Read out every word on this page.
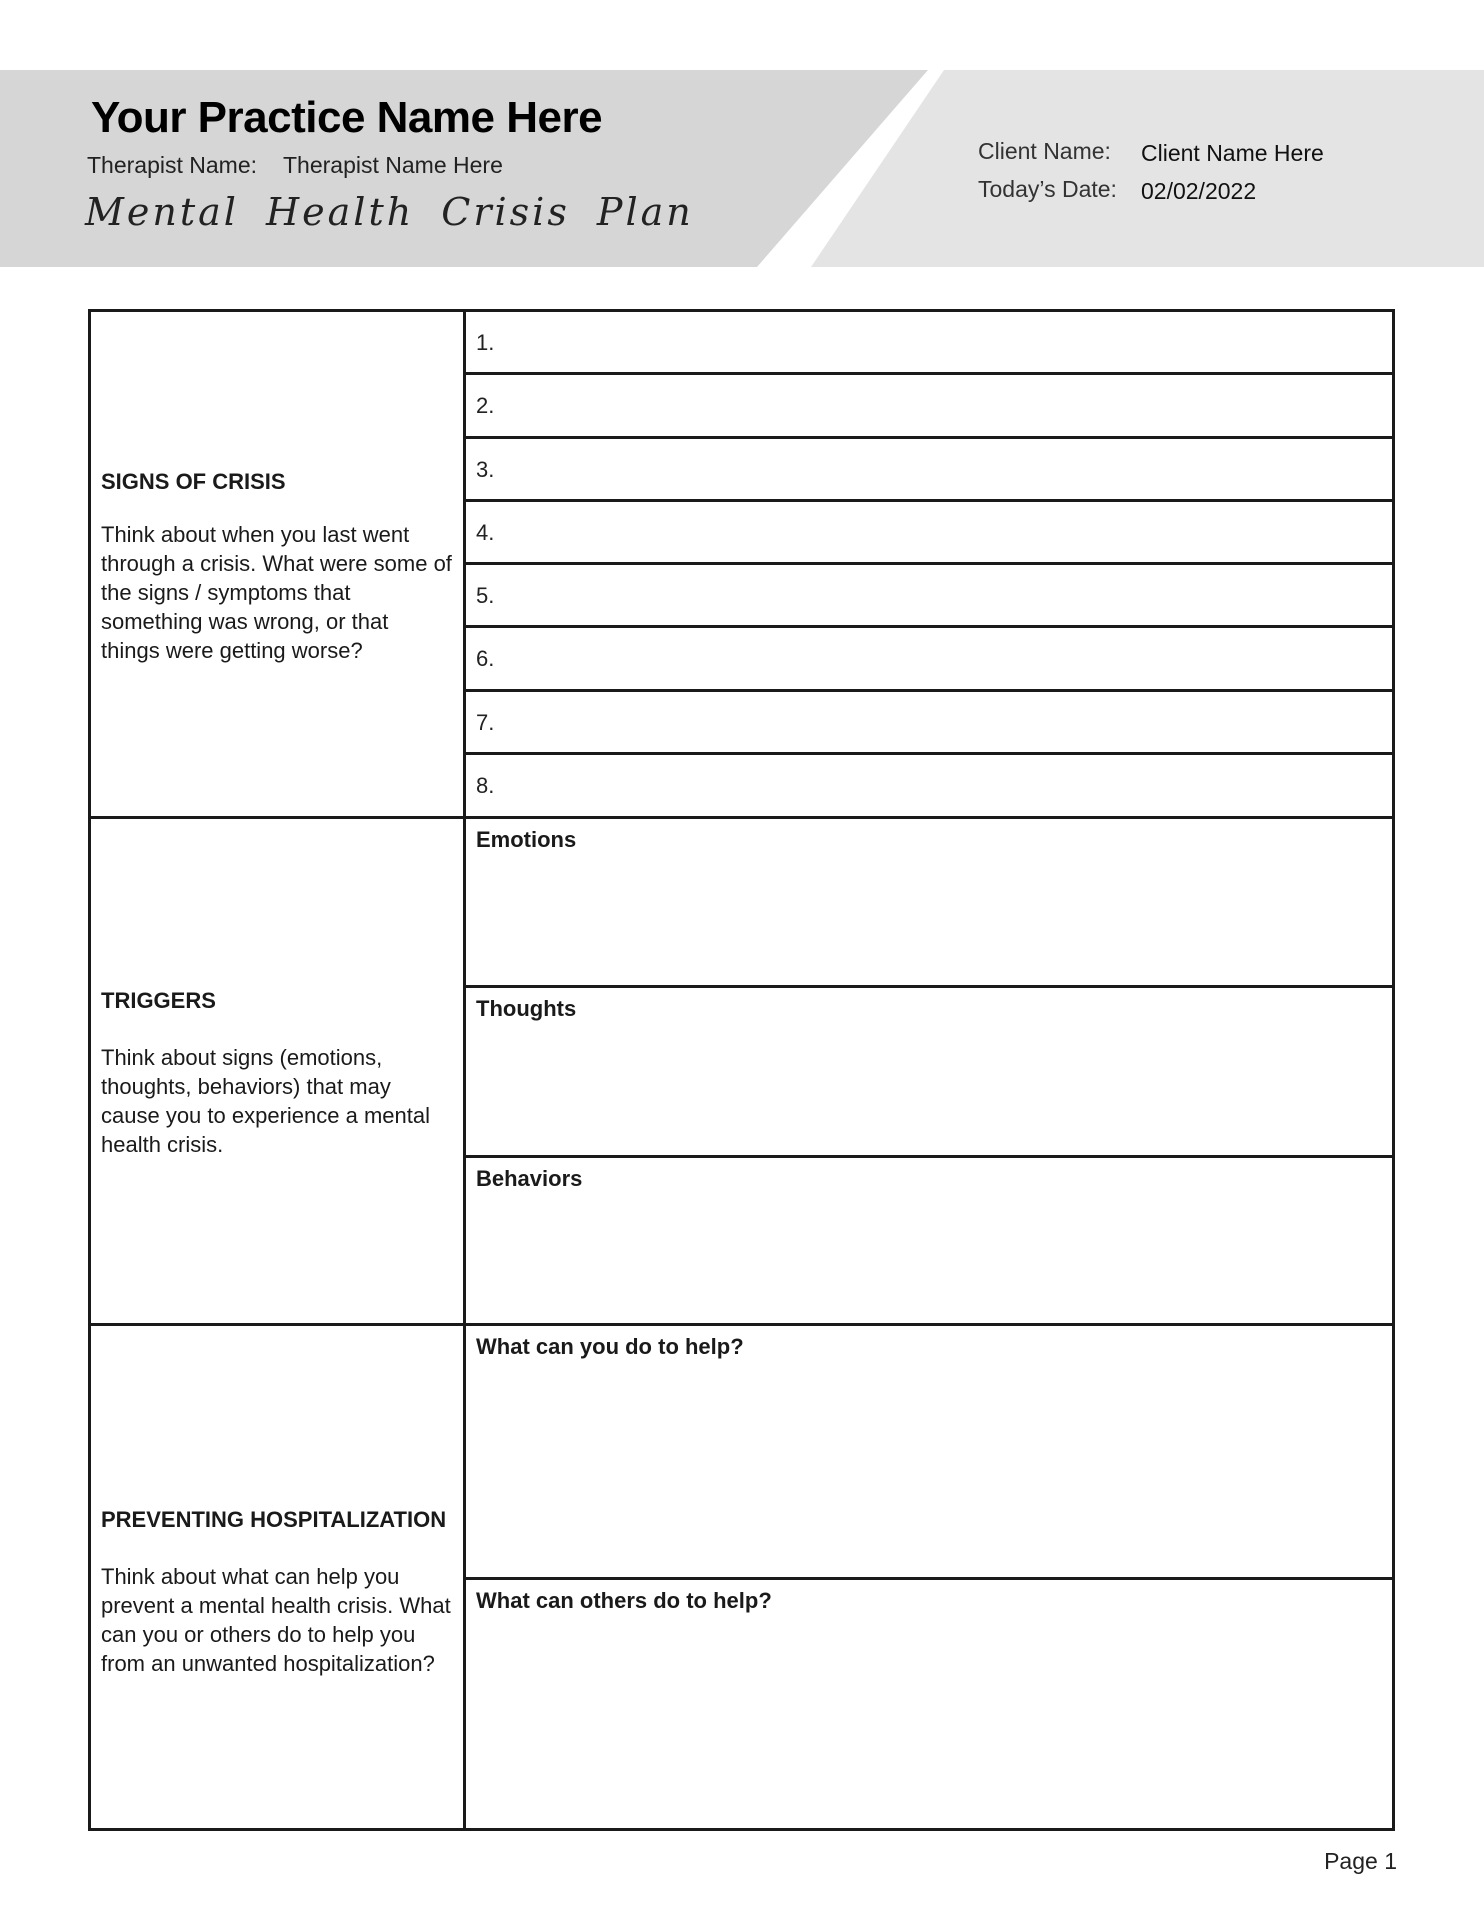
Your Practice Name Here
Therapist Name: Therapist Name Here
Mental Health Crisis Plan
Client Name: Client Name Here
Today’s Date: 02/02/2022
SIGNS OF CRISIS
Think about when you last went through a crisis. What were some of the signs / symptoms that something was wrong, or that things were getting worse?
1.
2.
3.
4.
5.
6.
7.
8.
TRIGGERS
Think about signs (emotions, thoughts, behaviors) that may cause you to experience a mental health crisis.
Emotions
Thoughts
Behaviors
PREVENTING HOSPITALIZATION
Think about what can help you prevent a mental health crisis. What can you or others do to help you from an unwanted hospitalization?
What can you do to help?
What can others do to help?
Page 1
